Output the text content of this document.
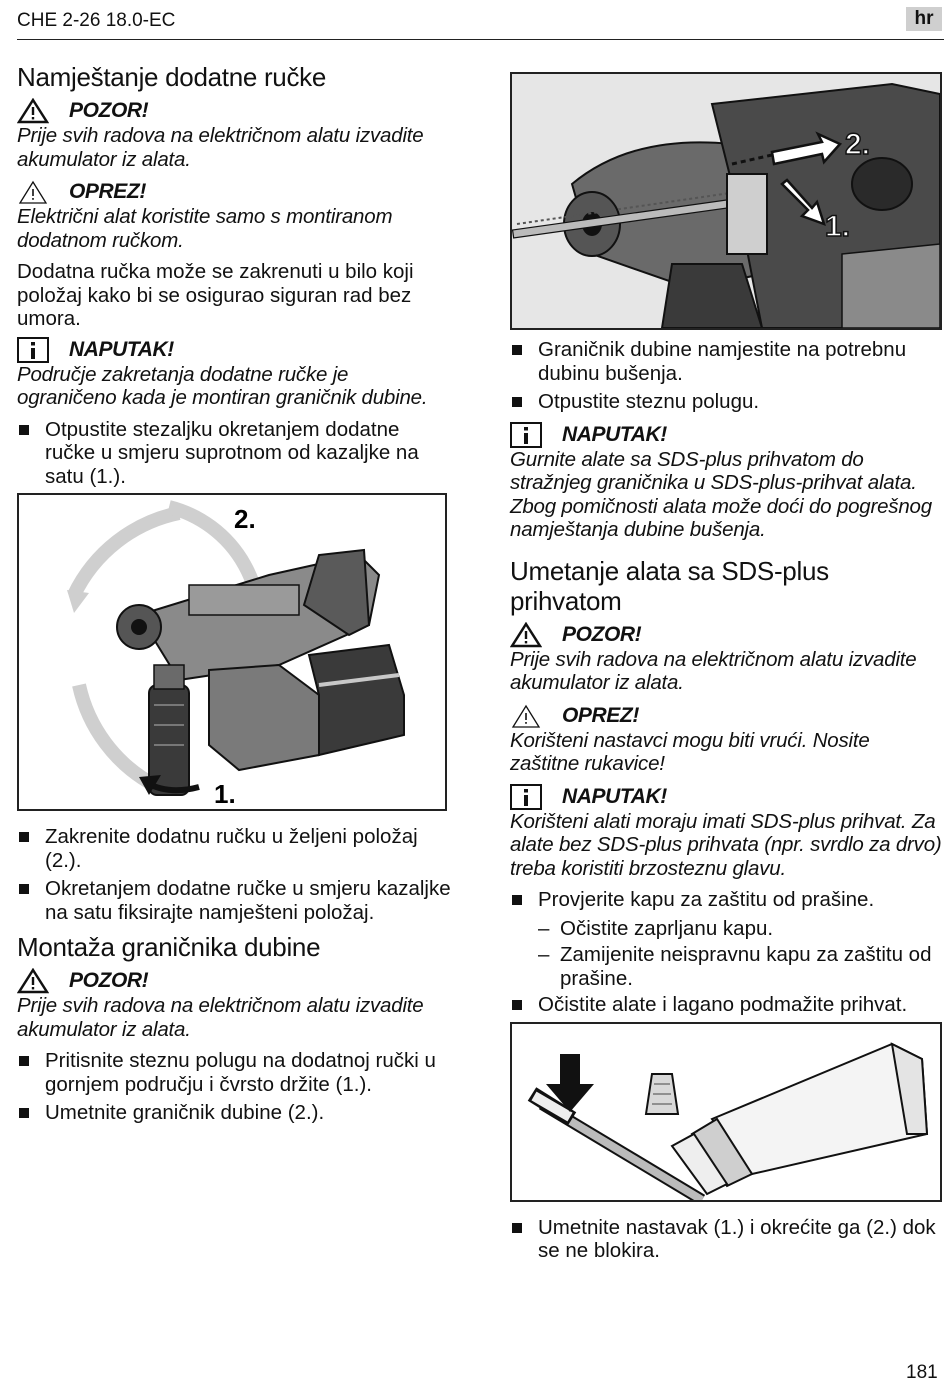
CHE 2-26 18.0-EC	hr
Namještanje dodatne ručke
POZOR!

Prije svih radova na električnom alatu izvadite akumulator iz alata.

OPREZ!

Električni alat koristite samo s montiranom dodatnom ručkom.

Dodatna ručka može se zakrenuti u bilo koji položaj kako bi se osigurao siguran rad bez umora.

NAPUTAK!

Područje zakretanja dodatne ručke je ograničeno kada je montiran graničnik dubine.

Otpustite stezaljku okretanjem dodatne ručke u smjeru suprotnom od kazaljke na satu (1.).
2.
1.
Zakrenite dodatnu ručku u željeni položaj (2.).
Okretanjem dodatne ručke u smjeru kazaljke na satu fiksirajte namješteni položaj.
Montaža graničnika dubine
POZOR!

Prije svih radova na električnom alatu izvadite akumulator iz alata.

Pritisnite steznu polugu na dodatnoj ručki u gornjem području i čvrsto držite (1.).
Umetnite graničnik dubine (2.).
2.
1.
Graničnik dubine namjestite na potrebnu dubinu bušenja.
Otpustite steznu polugu.
NAPUTAK!

Gurnite alate sa SDS-plus prihvatom do stražnjeg graničnika u SDS-plus-prihvat alata. Zbog pomičnosti alata može doći do pogrešnog namještanja dubine bušenja.

Umetanje alata sa SDS-plus prihvatom
POZOR!

Prije svih radova na električnom alatu izvadite akumulator iz alata.

OPREZ!

Korišteni nastavci mogu biti vrući. Nosite zaštitne rukavice!

NAPUTAK!

Korišteni alati moraju imati SDS-plus prihvat. Za alate bez SDS-plus prihvata (npr. svrdlo za drvo) treba koristiti brzosteznu glavu.

Provjerite kapu za zaštitu od prašine.
– Očistite zaprljanu kapu.
– Zamijenite neispravnu kapu za zaštitu od prašine.
Očistite alate i lagano podmažite prihvat.
Umetnite nastavak (1.) i okrećite ga (2.) dok se ne blokira.
181
